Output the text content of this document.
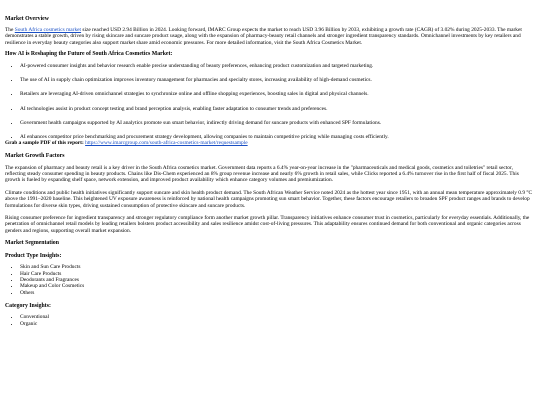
Market Overview

The South Africa cosmetics market size reached USD 2.94 Billion in 2024. Looking forward, IMARC Group expects the market to reach USD 3.96 Billion by 2033, exhibiting a growth rate (CAGR) of 3.02% during 2025-2033. The market demonstrates a stable growth, driven by rising skincare and suncare product usage, along with the expansion of pharmacy-beauty retail channels and stronger ingredient transparency standards. Omnichannel investments by key retailers and resilience in everyday beauty categories also support market share amid economic pressures. For more detailed information, visit the South Africa Cosmetics Market.

How AI is Reshaping the Future of South Africa Cosmetics Market:
• AI-powered consumer insights and behavior research enable precise understanding of beauty preferences, enhancing product customization and targeted marketing.
• The use of AI in supply chain optimization improves inventory management for pharmacies and specialty stores, increasing availability of high-demand cosmetics.
• Retailers are leveraging AI-driven omnichannel strategies to synchronize online and offline shopping experiences, boosting sales in digital and physical channels.
• AI technologies assist in product concept testing and brand perception analysis, enabling faster adaptation to consumer trends and preferences.
• Government health campaigns supported by AI analytics promote sun smart behavior, indirectly driving demand for suncare products with enhanced SPF formulations.
• AI enhances competitor price benchmarking and procurement strategy development, allowing companies to maintain competitive pricing while managing costs efficiently.

Grab a sample PDF of this report: https://www.imarcgroup.com/south-africa-cosmetics-market/requestsample

Market Growth Factors

The expansion of pharmacy and beauty retail is a key driver in the South Africa cosmetics market. Government data reports a 6.4% year-on-year increase in the "pharmaceuticals and medical goods, cosmetics and toiletries" retail sector, reflecting steady consumer spending in beauty products. Chains like Dis-Chem experienced an 8% group revenue increase and nearly 6% growth in retail sales, while Clicks reported a 6.4% turnover rise in the first half of fiscal 2025. This growth is fueled by expanding shelf space, network extension, and improved product availability which enhance category volumes and premiumization.

Climate conditions and public health initiatives significantly support suncare and skin health product demand. The South African Weather Service noted 2024 as the hottest year since 1951, with an annual mean temperature approximately 0.9 °C above the 1991–2020 baseline. This heightened UV exposure awareness is reinforced by national health campaigns promoting sun smart behavior. Together, these factors encourage retailers to broaden SPF product ranges and brands to develop formulations for diverse skin types, driving sustained consumption of protective skincare and suncare products.

Rising consumer preference for ingredient transparency and stronger regulatory compliance form another market growth pillar. Transparency initiatives enhance consumer trust in cosmetics, particularly for everyday essentials. Additionally, the penetration of omnichannel retail models by leading retailers bolsters product accessibility and sales resilience amidst cost-of-living pressures. This adaptability ensures continued demand for both conventional and organic categories across genders and regions, supporting overall market expansion.

Market Segmentation
Product Type Insights:
• Skin and Sun Care Products
• Hair Care Products
• Deodorants and Fragrances
• Makeup and Color Cosmetics
• Others
Category Insights:
• Conventional
• Organic
